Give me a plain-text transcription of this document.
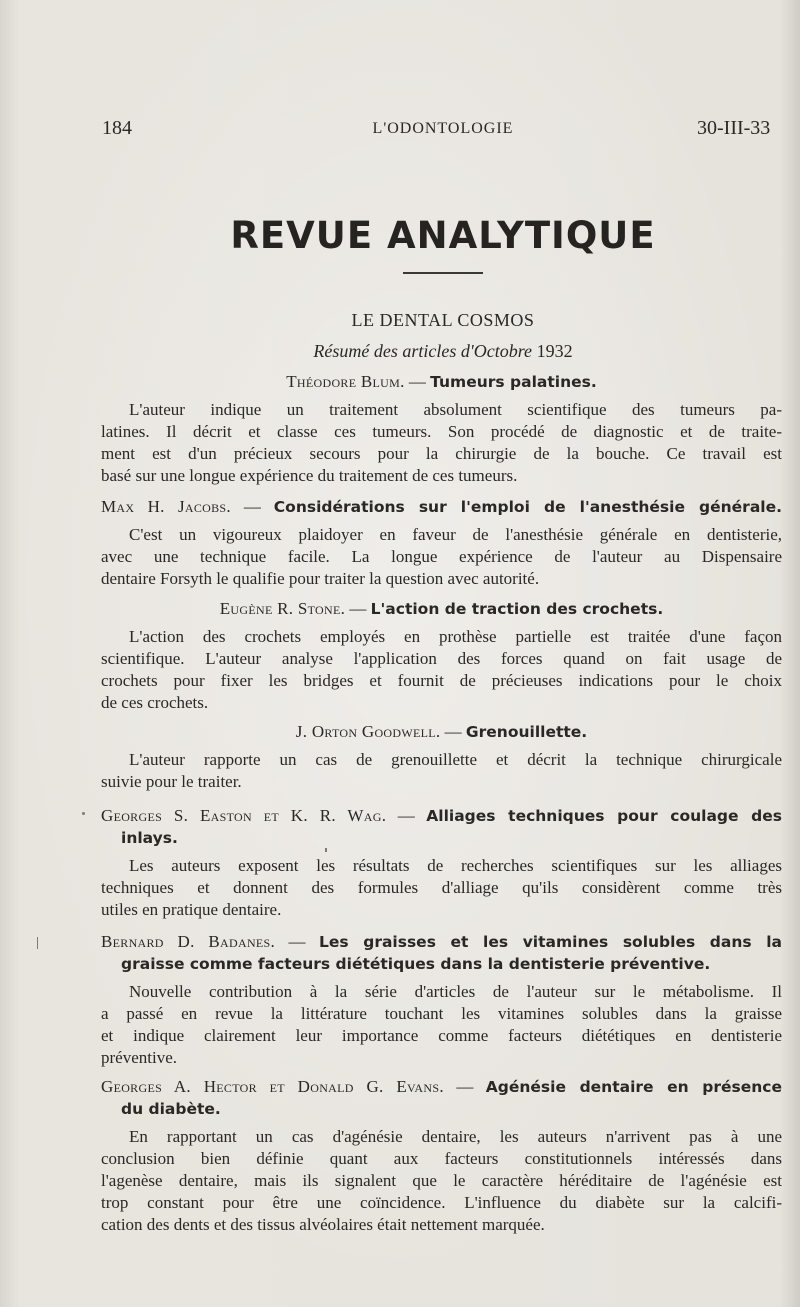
184	L'ODONTOLOGIE	30-III-33
REVUE ANALYTIQUE
LE DENTAL COSMOS
Résumé des articles d'Octobre 1932
Théodore Blum. — Tumeurs palatines.
L'auteur indique un traitement absolument scientifique des tumeurs pa-
latines. Il décrit et classe ces tumeurs. Son procédé de diagnostic et de traite-
ment est d'un précieux secours pour la chirurgie de la bouche. Ce travail est
basé sur une longue expérience du traitement de ces tumeurs.
Max H. Jacobs. — Considérations sur l'emploi de l'anesthésie générale.
C'est un vigoureux plaidoyer en faveur de l'anesthésie générale en dentisterie,
avec une technique facile. La longue expérience de l'auteur au Dispensaire
dentaire Forsyth le qualifie pour traiter la question avec autorité.
Eugène R. Stone. — L'action de traction des crochets.
L'action des crochets employés en prothèse partielle est traitée d'une façon
scientifique. L'auteur analyse l'application des forces quand on fait usage de
crochets pour fixer les bridges et fournit de précieuses indications pour le choix
de ces crochets.
J. Orton Goodwell. — Grenouillette.
L'auteur rapporte un cas de grenouillette et décrit la technique chirurgicale
suivie pour le traiter.
Georges S. Easton et K. R. Wag. — Alliages techniques pour coulage des
inlays.
Les auteurs exposent les résultats de recherches scientifiques sur les alliages
techniques et donnent des formules d'alliage qu'ils considèrent comme très
utiles en pratique dentaire.
Bernard D. Badanes. — Les graisses et les vitamines solubles dans la
graisse comme facteurs diététiques dans la dentisterie préventive.
Nouvelle contribution à la série d'articles de l'auteur sur le métabolisme. Il
a passé en revue la littérature touchant les vitamines solubles dans la graisse
et indique clairement leur importance comme facteurs diététiques en dentisterie
préventive.
Georges A. Hector et Donald G. Evans. — Agénésie dentaire en présence
du diabète.
En rapportant un cas d'agénésie dentaire, les auteurs n'arrivent pas à une
conclusion bien définie quant aux facteurs constitutionnels intéressés dans
l'agenèse dentaire, mais ils signalent que le caractère héréditaire de l'agénésie est
trop constant pour être une coïncidence. L'influence du diabète sur la calcifi-
cation des dents et des tissus alvéolaires était nettement marquée.
